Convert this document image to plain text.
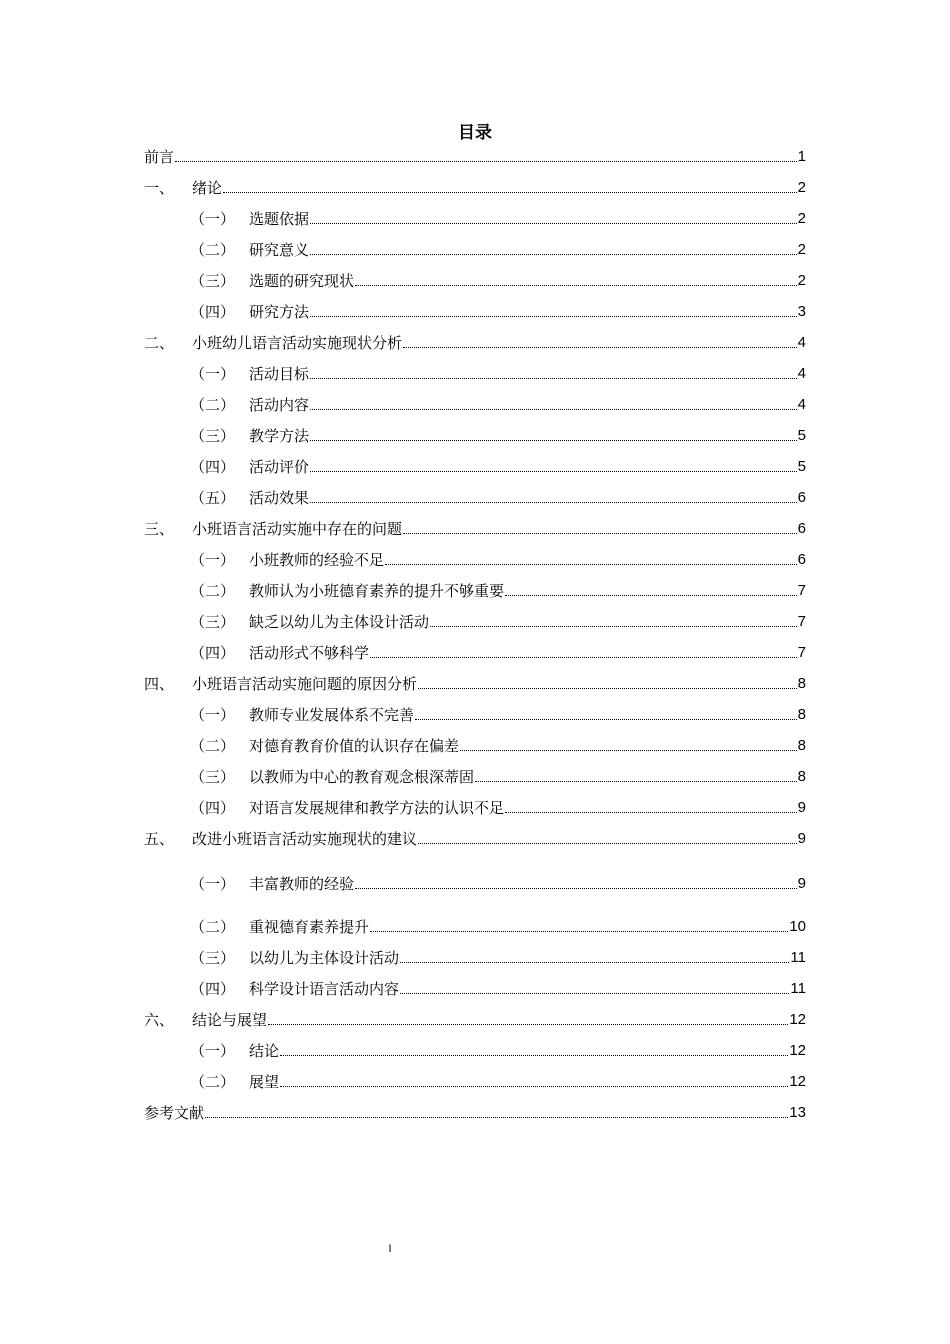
目录
前言	1
一、	绪论	2
（一） 选题依据	2
（二） 研究意义	2
（三） 选题的研究现状	2
（四） 研究方法	3
二、	小班幼儿语言活动实施现状分析	4
（一） 活动目标	4
（二） 活动内容	4
（三） 教学方法	5
（四） 活动评价	5
（五） 活动效果	6
三、	小班语言活动实施中存在的问题	6
（一） 小班教师的经验不足	6
（二） 教师认为小班德育素养的提升不够重要	7
（三） 缺乏以幼儿为主体设计活动	7
（四） 活动形式不够科学	7
四、	小班语言活动实施问题的原因分析	8
（一） 教师专业发展体系不完善	8
（二） 对德育教育价值的认识存在偏差	8
（三） 以教师为中心的教育观念根深蒂固	8
（四） 对语言发展规律和教学方法的认识不足	9
五、	改进小班语言活动实施现状的建议	9
（一） 丰富教师的经验	9
（二） 重视德育素养提升	10
（三） 以幼儿为主体设计活动	11
（四） 科学设计语言活动内容	11
六、	结论与展望	12
（一） 结论	12
（二） 展望	12
参考文献	13
I
